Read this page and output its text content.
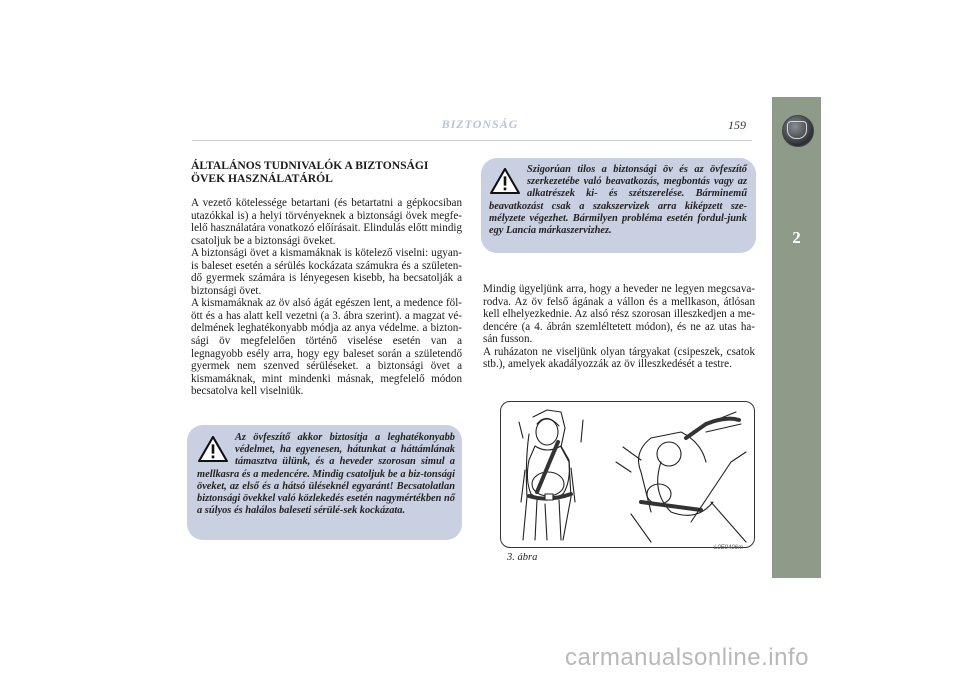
BIZTONSÁG	159
2
ÁLTALÁNOS TUDNIVALÓK A BIZTONSÁGI
ÖVEK HASZNÁLATÁRÓL

A vezető kötelessége betartani (és betartatni a gépkocsiban utazókkal is) a helyi törvényeknek a biztonsági övek megfe-lelő használatára vonatkozó előírásait. Elindulás előtt mindig csatoljuk be a biztonsági öveket.

A biztonsági övet a kismamáknak is kötelező viselni: ugyan-is baleset esetén a sérülés kockázata számukra és a születen-dő gyermek számára is lényegesen kisebb, ha becsatolják a biztonsági övet.

A kismamáknak az öv alsó ágát egészen lent, a medence föl-ött és a has alatt kell vezetni (a 3. ábra szerint). a magzat vé-delmének leghatékonyabb módja az anya védelme. a bizton-sági öv megfelelően történő viselése esetén van a legnagyobb esély arra, hogy egy baleset során a születendő gyermek nem szenved sérüléseket. a biztonsági övet a kismamáknak, mint mindenki másnak, megfelelő módon becsatolva kell viselniük.

Az övfeszítő akkor biztosítja a leghatékonyabb védelmet, ha egyenesen, hátunkat a háttámlának támasztva ülünk, és a heveder szorosan simul a mellkasra és a medencére. Mindig csatoljuk be a biz-tonsági öveket, az első és a hátsó üléseknél egyaránt! Becsatolatlan biztonsági övekkel való közlekedés esetén nagymértékben nő a súlyos és halálos baleseti sérülé-sek kockázata.
Szigorúan tilos a biztonsági öv és az övfeszítő szerkezetébe való beavatkozás, megbontás vagy az alkatrészek ki- és szétszerelése. Bárminemű beavatkozást csak a szakszervizek arra kiképzett sze-mélyzete végezhet. Bármilyen probléma esetén fordul-junk egy Lancia márkaszervizhez.

Mindig ügyeljünk arra, hogy a heveder ne legyen megcsava-rodva. Az öv felső ágának a vállon és a mellkason, átlósan kell elhelyezkednie. Az alsó rész szorosan illeszkedjen a me-dencére (a 4. ábrán szemléltetett módon), és ne az utas ha-sán fusson.

A ruházaton ne viseljünk olyan tárgyakat (csipeszek, csatok stb.), amelyek akadályozzák az öv illeszkedését a testre.

L0E0406m
3. ábra
carmanualsonline.info
